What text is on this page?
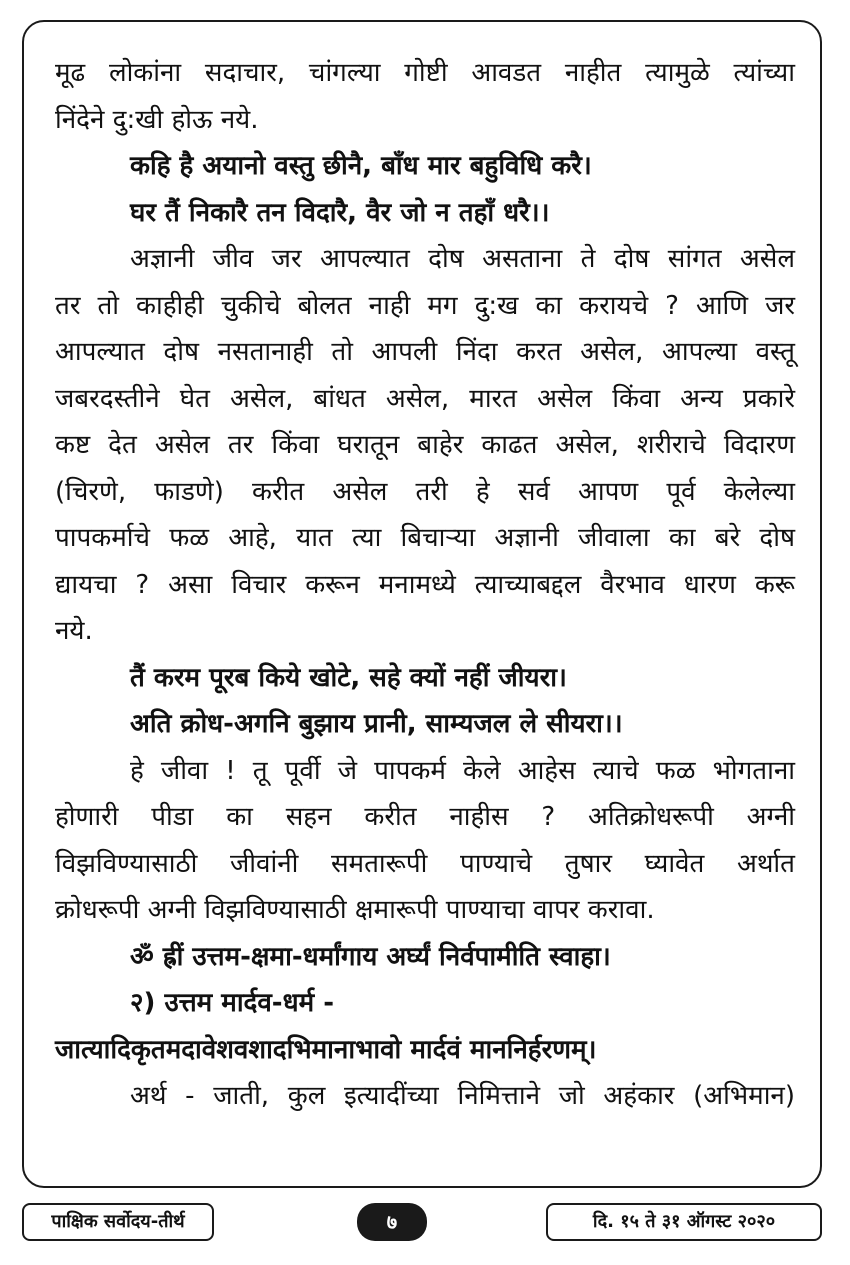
मूढ लोकांना सदाचार, चांगल्या गोष्टी आवडत नाहीत त्यामुळे त्यांच्या
निंदेने दु:खी होऊ नये.
कहि है अयानो वस्तु छीनै, बाँध मार बहुविधि करै।
घर तैं निकारै तन विदारै, वैर जो न तहाँ धरै।।
अज्ञानी जीव जर आपल्यात दोष असताना ते दोष सांगत असेल
तर तो काहीही चुकीचे बोलत नाही मग दु:ख का करायचे ? आणि जर
आपल्यात दोष नसतानाही तो आपली निंदा करत असेल, आपल्या वस्तू
जबरदस्तीने घेत असेल, बांधत असेल, मारत असेल किंवा अन्य प्रकारे
कष्ट देत असेल तर किंवा घरातून बाहेर काढत असेल, शरीराचे विदारण
(चिरणे, फाडणे) करीत असेल तरी हे सर्व आपण पूर्व केलेल्या
पापकर्माचे फळ आहे, यात त्या बिचाऱ्या अज्ञानी जीवाला का बरे दोष
द्यायचा ? असा विचार करून मनामध्ये त्याच्याबद्दल वैरभाव धारण करू
नये.
तैं करम पूरब किये खोटे, सहे क्यों नहीं जीयरा।
अति क्रोध-अगनि बुझाय प्रानी, साम्यजल ले सीयरा।।
हे जीवा ! तू पूर्वी जे पापकर्म केले आहेस त्याचे फळ भोगताना
होणारी पीडा का सहन करीत नाहीस ? अतिक्रोधरूपी अग्नी
विझविण्यासाठी जीवांनी समतारूपी पाण्याचे तुषार घ्यावेत अर्थात
क्रोधरूपी अग्नी विझविण्यासाठी क्षमारूपी पाण्याचा वापर करावा.
ॐ ह्रीं उत्तम-क्षमा-धर्मांगाय अर्घ्यं निर्वपामीति स्वाहा।
२) उत्तम मार्दव-धर्म -
जात्यादिकृतमदावेशवशादभिमानाभावो मार्दवं माननिर्हरणम्।
अर्थ - जाती, कुल इत्यादींच्या निमित्ताने जो अहंकार (अभिमान)
पाक्षिक सर्वोदय-तीर्थ	७	दि. १५ ते ३१ ऑगस्ट २०२०
